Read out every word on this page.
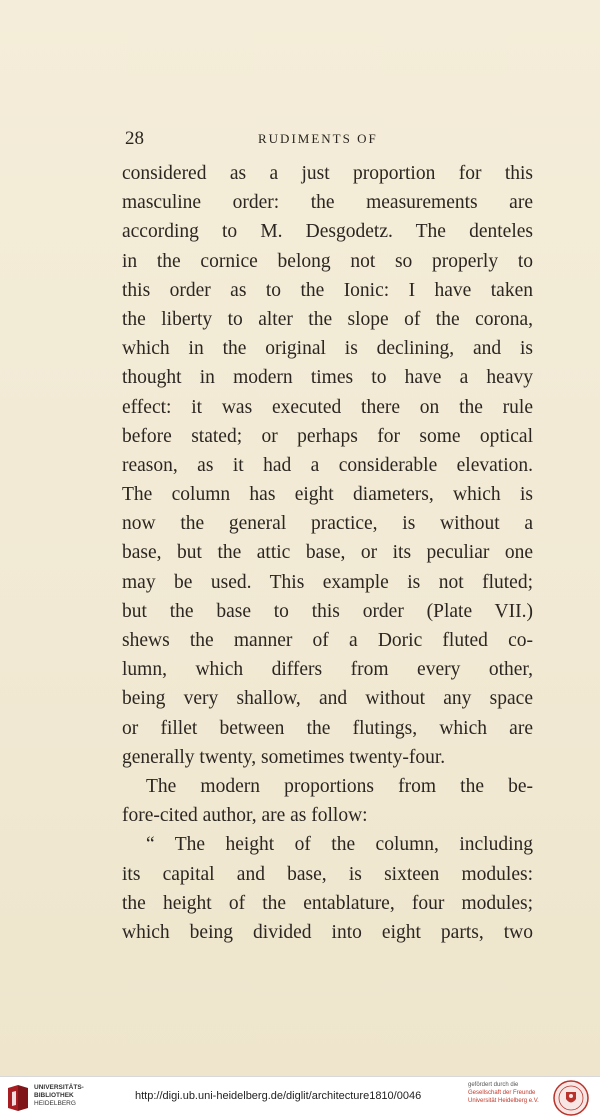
28	RUDIMENTS OF
considered as a just proportion for this
masculine order: the measurements are
according to M. Desgodetz. The denteles
in the cornice belong not so properly to
this order as to the Ionic: I have taken
the liberty to alter the slope of the corona,
which in the original is declining, and is
thought in modern times to have a heavy
effect: it was executed there on the rule
before stated; or perhaps for some optical
reason, as it had a considerable elevation.
The column has eight diameters, which is
now the general practice, is without a
base, but the attic base, or its peculiar one
may be used. This example is not fluted;
but the base to this order (Plate VII.)
shews the manner of a Doric fluted co-
lumn, which differs from every other,
being very shallow, and without any space
or fillet between the flutings, which are
generally twenty, sometimes twenty-four.
The modern proportions from the be-
fore-cited author, are as follow:
“ The height of the column, including
its capital and base, is sixteen modules:
the height of the entablature, four modules;
which being divided into eight parts, two
UNIVERSITÄTS-
BIBLIOTHEK
HEIDELBERG
http://digi.ub.uni-heidelberg.de/diglit/architecture1810/0046
gefördert durch die
Gesellschaft der Freunde
Universität Heidelberg e.V.
